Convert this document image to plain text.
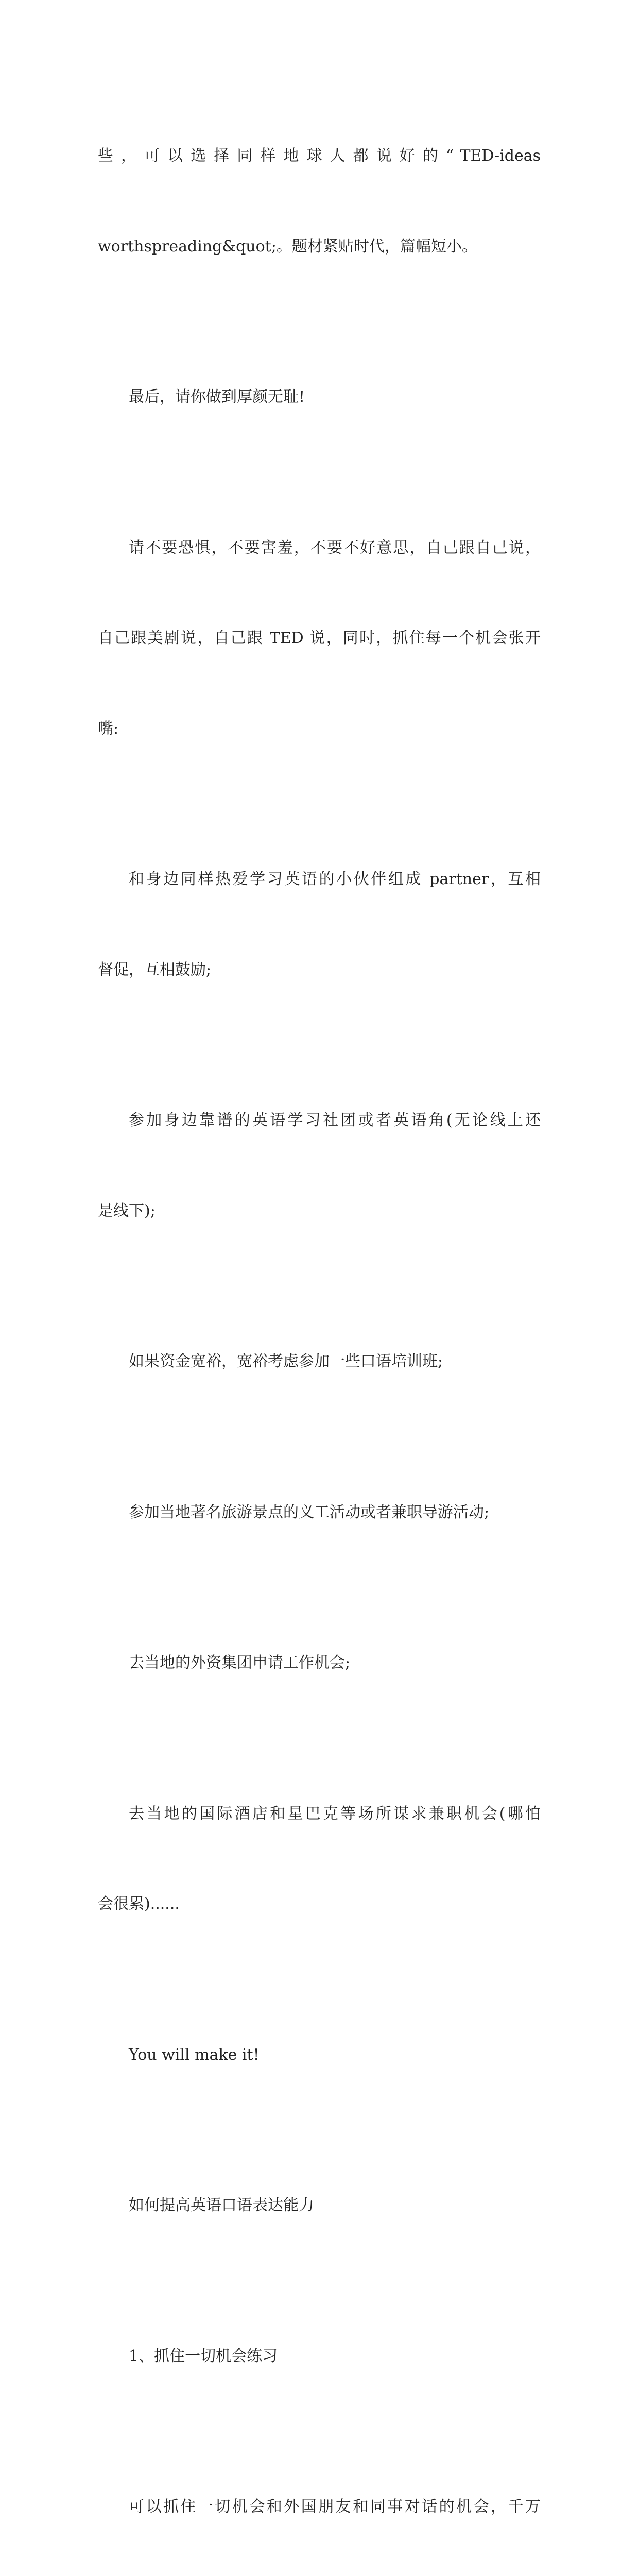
些 ， 可 以 选 择 同 样 地 球 人 都 说 好 的 “ TED-ideas

worthspreading&quot;。题材紧贴时代，篇幅短小。

最后，请你做到厚颜无耻!

请不要恐惧，不要害羞，不要不好意思，自己跟自己说，

自己跟美剧说，自己跟 TED 说，同时，抓住每一个机会张开

嘴:

和身边同样热爱学习英语的小伙伴组成 partner，互相

督促，互相鼓励;

参加身边靠谱的英语学习社团或者英语角(无论线上还

是线下);

如果资金宽裕，宽裕考虑参加一些口语培训班;

参加当地著名旅游景点的义工活动或者兼职导游活动;

去当地的外资集团申请工作机会;

去当地的国际酒店和星巴克等场所谋求兼职机会(哪怕

会很累)......

You will make it!

如何提高英语口语表达能力

1、抓住一切机会练习

可以抓住一切机会和外国朋友和同事对话的机会，千万
